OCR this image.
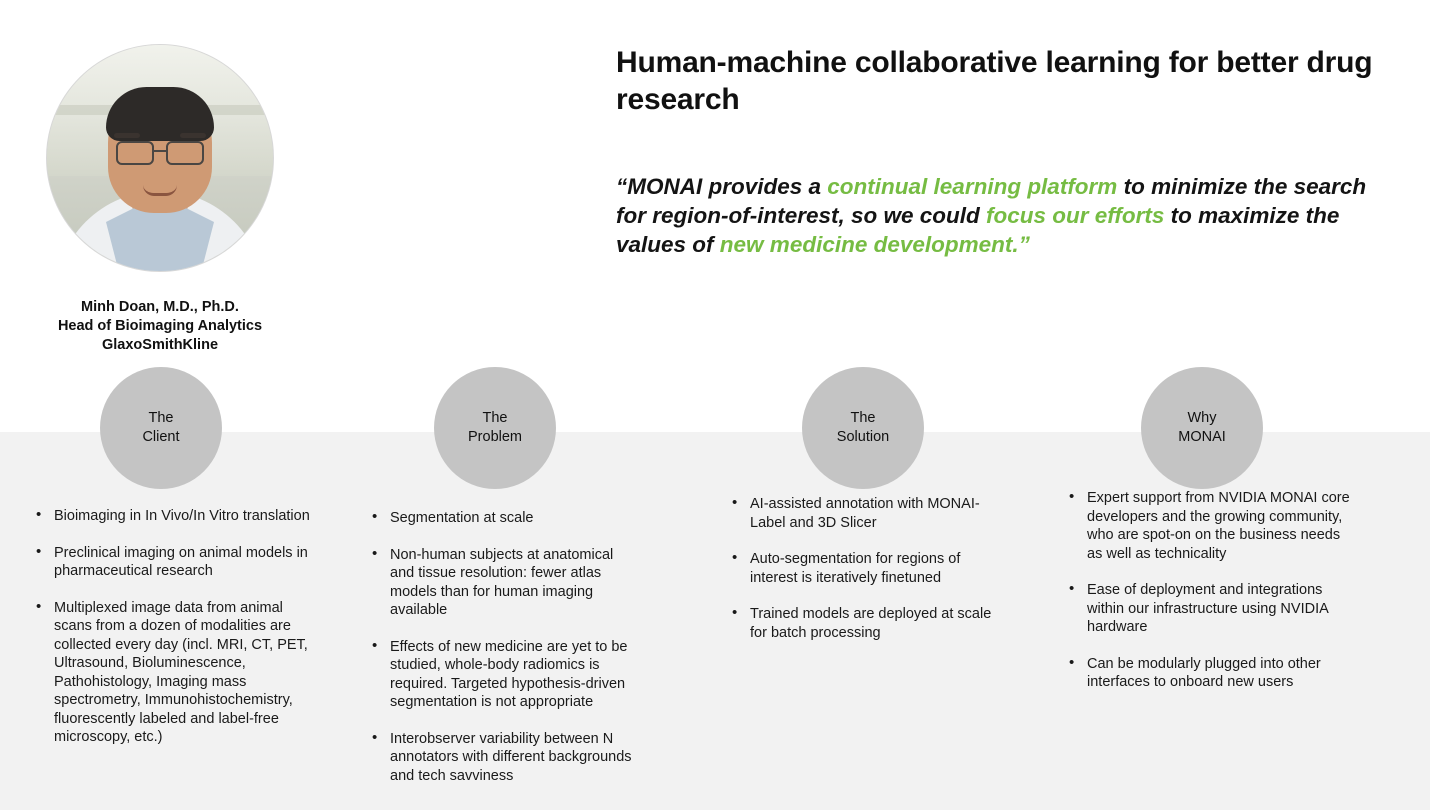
Minh Doan, M.D., Ph.D.
Head of Bioimaging Analytics
GlaxoSmithKline
Human-machine collaborative learning for better drug research
“MONAI provides a continual learning platform to minimize the search for region-of-interest, so we could focus our efforts to maximize the values of new medicine development.”
The
Client
• Bioimaging in In Vivo/In Vitro translation
• Preclinical imaging on animal models in pharmaceutical research
• Multiplexed image data from animal scans from a dozen of modalities are collected every day (incl. MRI, CT, PET, Ultrasound, Bioluminescence, Pathohistology, Imaging mass spectrometry, Immunohistochemistry, fluorescently labeled and label-free microscopy, etc.)
The
Problem
• Segmentation at scale
• Non-human subjects at anatomical and tissue resolution: fewer atlas models than for human imaging available
• Effects of new medicine are yet to be studied, whole-body radiomics is required. Targeted hypothesis-driven segmentation is not appropriate
• Interobserver variability between N annotators with different backgrounds and tech savviness
The
Solution
• AI-assisted annotation with MONAI-Label and 3D Slicer
• Auto-segmentation for regions of interest is iteratively finetuned
• Trained models are deployed at scale for batch processing
Why
MONAI
• Expert support from NVIDIA MONAI core developers and the growing community, who are spot-on on the business needs as well as technicality
• Ease of deployment and integrations within our infrastructure using NVIDIA hardware
• Can be modularly plugged into other interfaces to onboard new users
